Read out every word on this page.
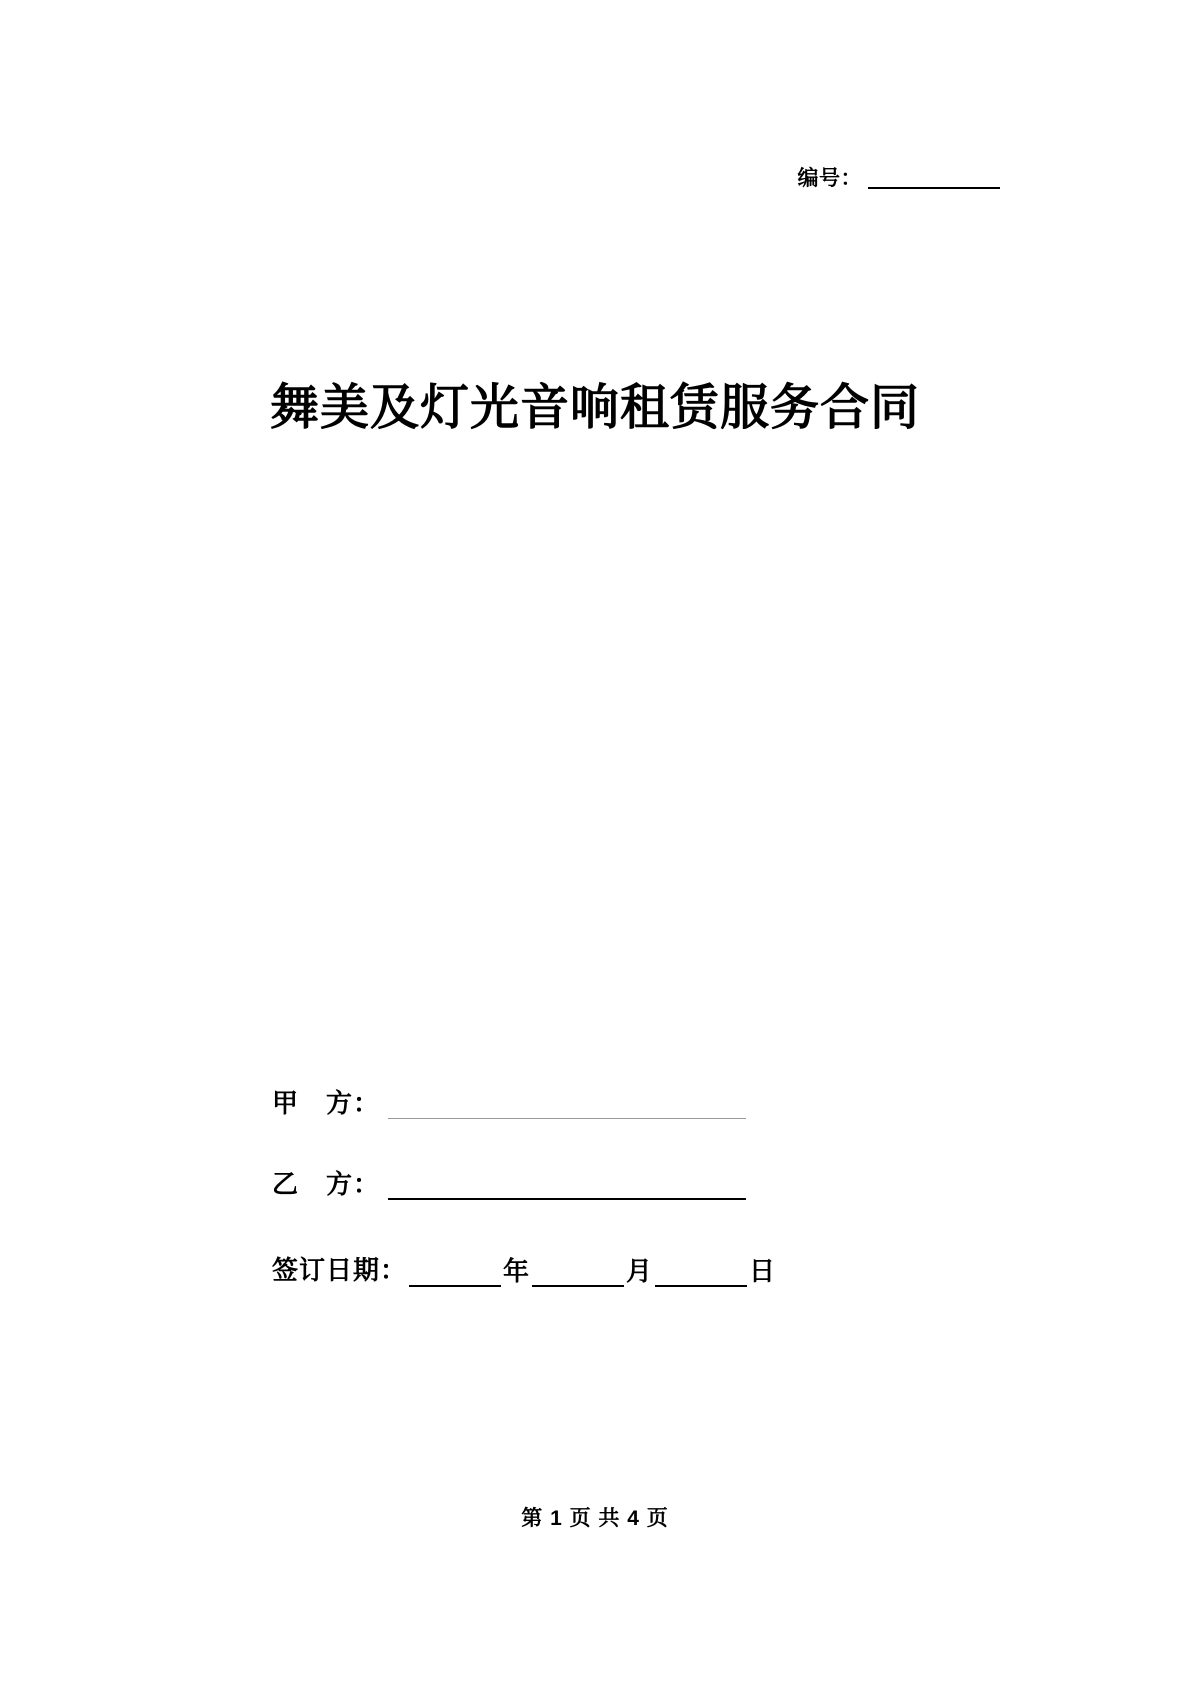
编号：
舞美及灯光音响租赁服务合同
甲　方：
乙　方：
签订日期：	年	月	日
第 1 页 共 4 页
